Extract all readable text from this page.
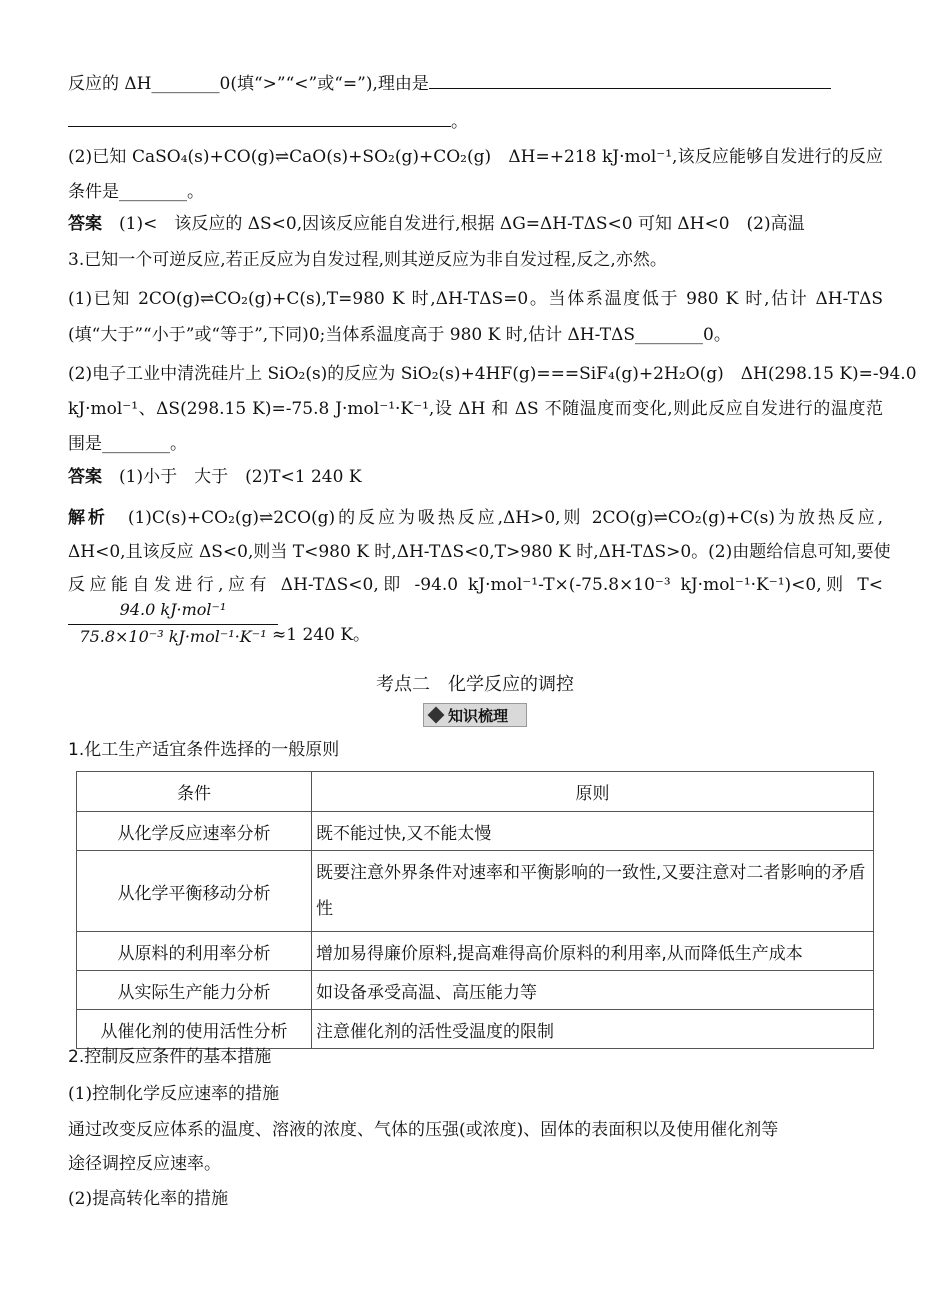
反应的 ΔH________0(填“>”“<”或“=”),理由是
。
(2)已知 CaSO₄(s)+CO(g)⇌CaO(s)+SO₂(g)+CO₂(g)　ΔH=+218 kJ·mol⁻¹,该反应能够自发进行的反应
条件是________。
答案　 (1)<　该反应的 ΔS<0,因该反应能自发进行,根据 ΔG=ΔH-TΔS<0 可知 ΔH<0　(2)高温
3.已知一个可逆反应,若正反应为自发过程,则其逆反应为非自发过程,反之,亦然。
(1)已知 2CO(g)⇌CO₂(g)+C(s),T=980 K 时,ΔH-TΔS=0。当体系温度低于 980 K 时,估计 ΔH-TΔS
(填“大于”“小于”或“等于”,下同)0;当体系温度高于 980 K 时,估计 ΔH-TΔS________0。
(2)电子工业中清洗硅片上 SiO₂(s)的反应为 SiO₂(s)+4HF(g)===SiF₄(g)+2H₂O(g)　ΔH(298.15 K)=-94.0
kJ·mol⁻¹、ΔS(298.15 K)=-75.8 J·mol⁻¹·K⁻¹,设 ΔH 和 ΔS 不随温度而变化,则此反应自发进行的温度范
围是________。
答案　 (1)小于　大于　(2)T<1 240 K
解析　 (1)C(s)+CO₂(g)⇌2CO(g)的反应为吸热反应,ΔH>0,则 2CO(g)⇌CO₂(g)+C(s)为放热反应,
ΔH<0,且该反应 ΔS<0,则当 T<980 K 时,ΔH-TΔS<0,T>980 K 时,ΔH-TΔS>0。(2)由题给信息可知,要使
反应能自发进行,应有 ΔH-TΔS<0,即 -94.0 kJ·mol⁻¹-T×(-75.8×10⁻³ kJ·mol⁻¹·K⁻¹)<0,则 T<
94.0 kJ·mol⁻¹
75.8×10⁻³ kJ·mol⁻¹·K⁻¹ ≈1 240 K。
考点二　化学反应的调控
知识梳理
1.化工生产适宜条件选择的一般原则
条件	原则
从化学反应速率分析	既不能过快,又不能太慢
从化学平衡移动分析	既要注意外界条件对速率和平衡影响的一致性,又要注意对二者影响的矛盾性
从原料的利用率分析	增加易得廉价原料,提高难得高价原料的利用率,从而降低生产成本
从实际生产能力分析	如设备承受高温、高压能力等
从催化剂的使用活性分析	注意催化剂的活性受温度的限制
2.控制反应条件的基本措施
(1)控制化学反应速率的措施
通过改变反应体系的温度、溶液的浓度、气体的压强(或浓度)、固体的表面积以及使用催化剂等
途径调控反应速率。
(2)提高转化率的措施
